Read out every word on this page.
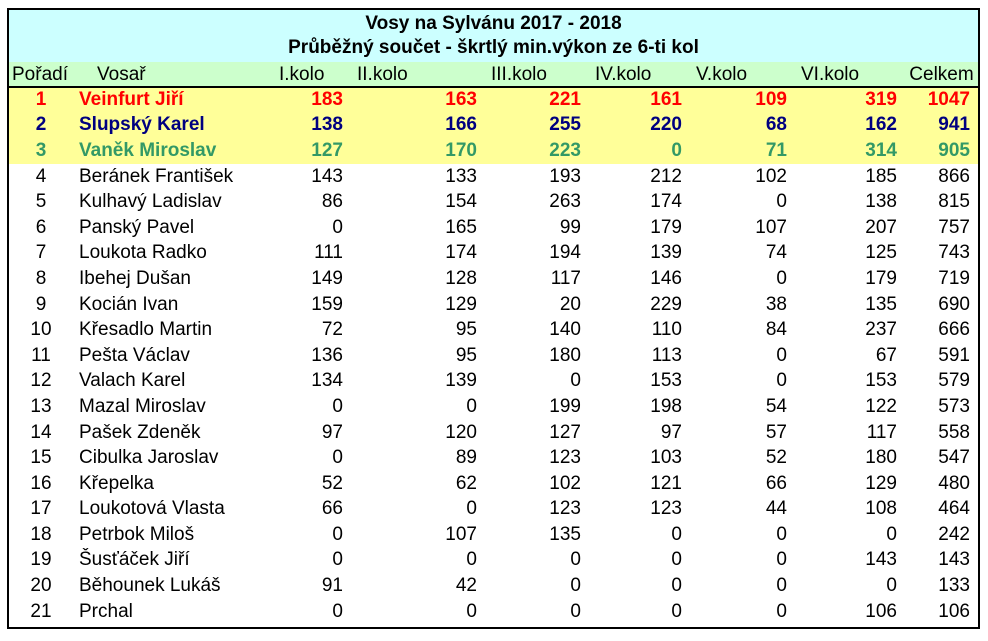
Vosy na Sylvánu 2017 - 2018
Průběžný součet - škrtlý min.výkon ze 6-ti kol
Pořadí	Vosař	I.kolo	II.kolo	III.kolo	IV.kolo	V.kolo	VI.kolo	Celkem
1	Veinfurt Jiří	183	163	221	161	109	319	1047
2	Slupský Karel	138	166	255	220	68	162	941
3	Vaněk Miroslav	127	170	223	0	71	314	905
4	Beránek František	143	133	193	212	102	185	866
5	Kulhavý Ladislav	86	154	263	174	0	138	815
6	Panský Pavel	0	165	99	179	107	207	757
7	Loukota Radko	111	174	194	139	74	125	743
8	Ibehej Dušan	149	128	117	146	0	179	719
9	Kocián Ivan	159	129	20	229	38	135	690
10	Křesadlo Martin	72	95	140	110	84	237	666
11	Pešta Václav	136	95	180	113	0	67	591
12	Valach Karel	134	139	0	153	0	153	579
13	Mazal Miroslav	0	0	199	198	54	122	573
14	Pašek Zdeněk	97	120	127	97	57	117	558
15	Cibulka Jaroslav	0	89	123	103	52	180	547
16	Křepelka	52	62	102	121	66	129	480
17	Loukotová Vlasta	66	0	123	123	44	108	464
18	Petrbok Miloš	0	107	135	0	0	0	242
19	Šusťáček Jiří	0	0	0	0	0	143	143
20	Běhounek Lukáš	91	42	0	0	0	0	133
21	Prchal	0	0	0	0	0	106	106
